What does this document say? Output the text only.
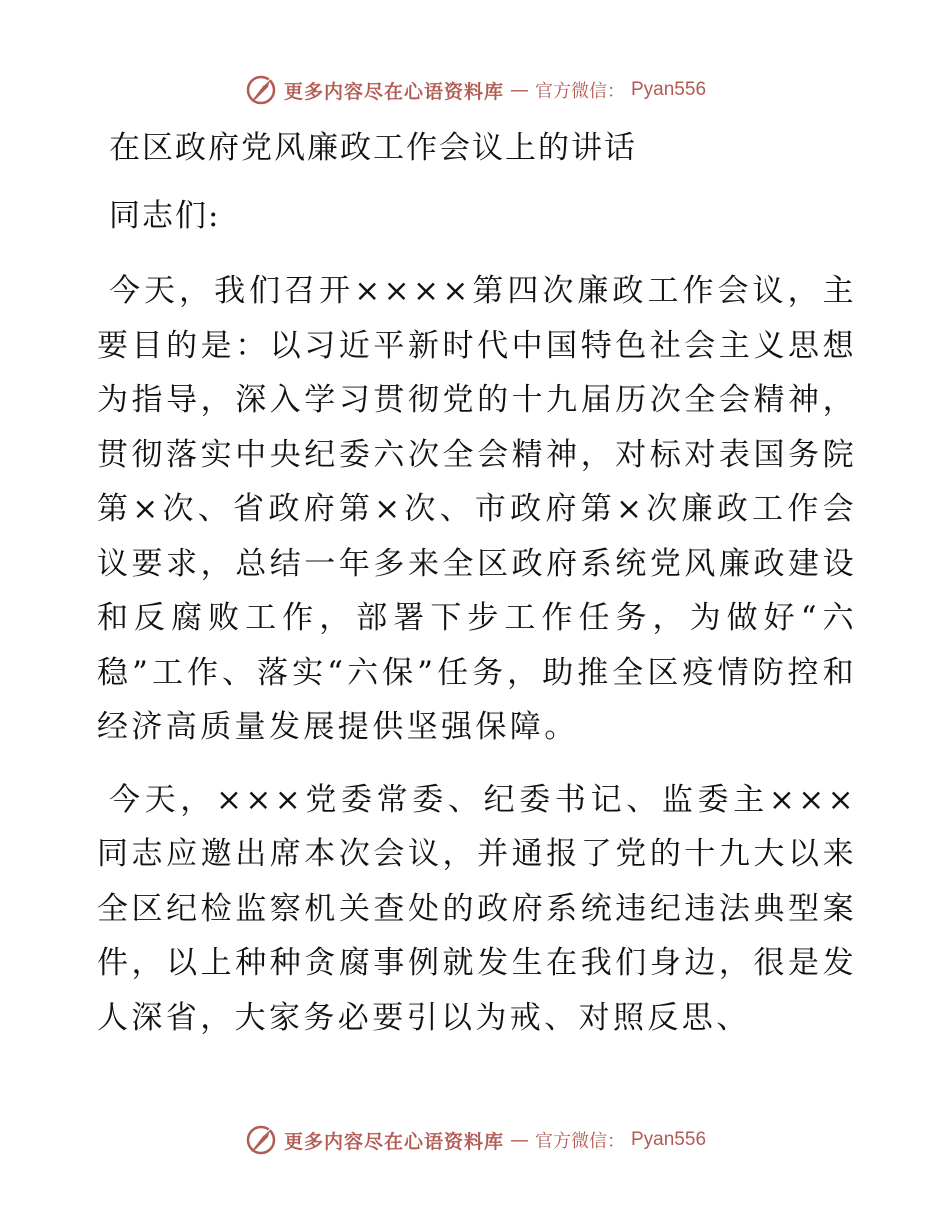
更多内容尽在心语资料库 — 官方微信： Pyan556
在区政府党风廉政工作会议上的讲话

同志们:

今天，我们召开××××第四次廉政工作会议，主要目的是：以习近平新时代中国特色社会主义思想为指导，深入学习贯彻党的十九届历次全会精神，贯彻落实中央纪委六次全会精神，对标对表国务院第×次、省政府第×次、市政府第×次廉政工作会议要求，总结一年多来全区政府系统党风廉政建设和反腐败工作，部署下步工作任务，为做好“六稳”工作、落实“六保”任务，助推全区疫情防控和经济高质量发展提供坚强保障。

今天，×××党委常委、纪委书记、监委主×××同志应邀出席本次会议，并通报了党的十九大以来全区纪检监察机关查处的政府系统违纪违法典型案件，以上种种贪腐事例就发生在我们身边，很是发人深省，大家务必要引以为戒、对照反思、

更多内容尽在心语资料库 — 官方微信： Pyan556
